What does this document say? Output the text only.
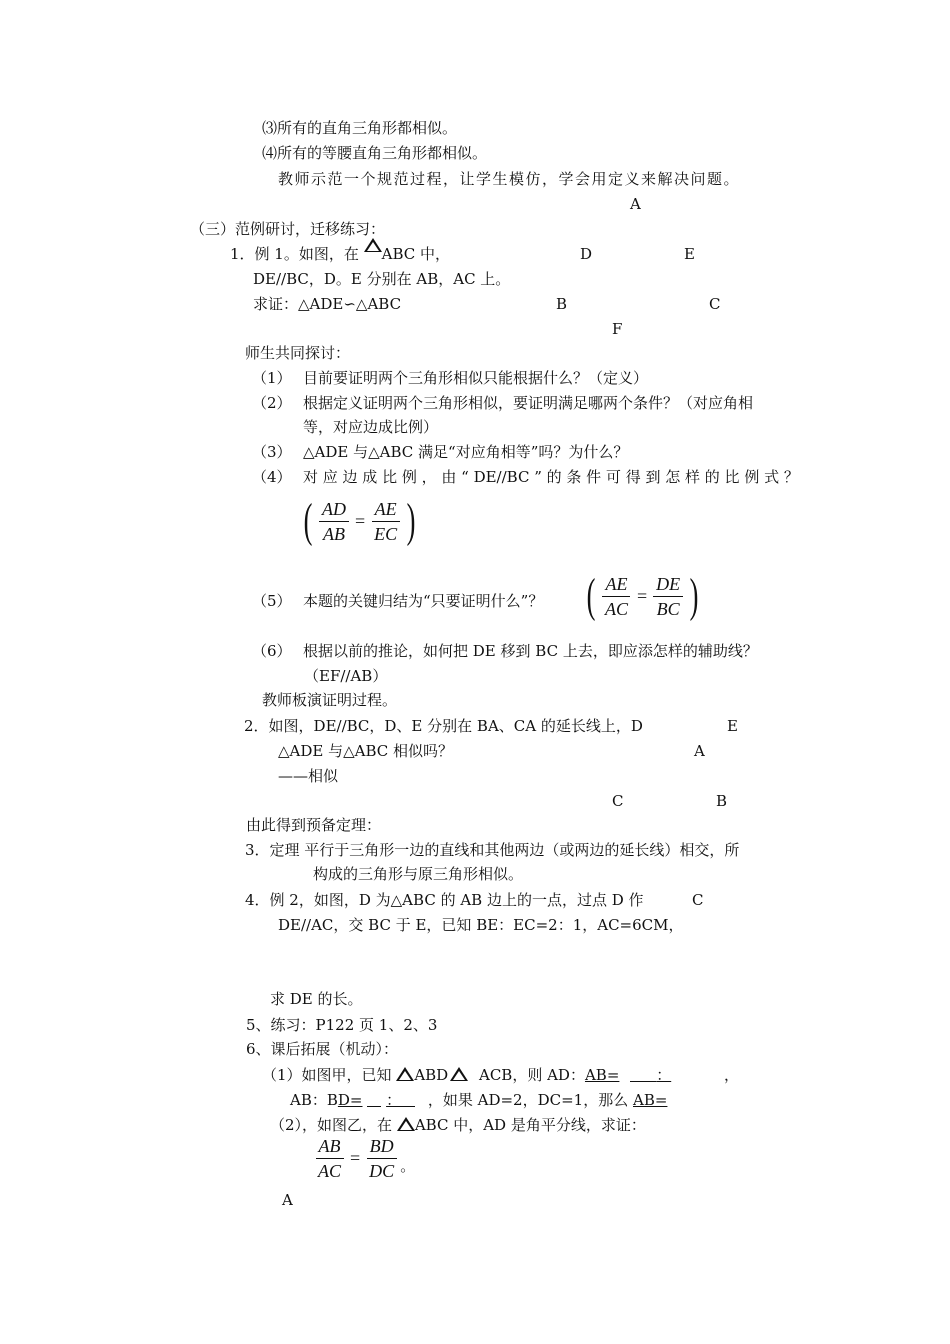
⑶所有的直角三角形都相似。
⑷所有的等腰直角三角形都相似。
教师示范一个规范过程，让学生模仿，学会用定义来解决问题。
A
（三）范例研讨，迁移练习：
1．例 1。如图，在 ABC 中，	D	E
DE//BC，D。E 分别在 AB，AC 上。
求证：△ADE∽△ABC	B	C
F
师生共同探讨：
（1） 目前要证明两个三角形相似只能根据什么？（定义）
（2） 根据定义证明两个三角形相似，要证明满足哪两个条件？（对应角相
等，对应边成比例）
（3） △ADE 与△ABC 满足“对应角相等”吗？为什么？
（4） 对 应 边 成 比 例 ， 由 “ DE//BC ” 的 条 件 可 得 到 怎 样 的 比 例 式 ？
( $\frac{AD}{AB} = \frac{AE}{EC}$ )
（5） 本题的关键归结为“只要证明什么”？ ( $\frac{AE}{AC} = \frac{DE}{BC}$ )
（6） 根据以前的推论，如何把 DE 移到 BC 上去，即应添怎样的辅助线？
（EF//AB）
教师板演证明过程。
2．如图，DE//BC，D、E 分别在 BA、CA 的延长线上，D	E
△ADE 与△ABC 相似吗？	A
——相似
C	B
由此得到预备定理：
3．定理 平行于三角形一边的直线和其他两边（或两边的延长线）相交，所
构成的三角形与原三角形相似。
4．例 2，如图，D 为△ABC 的 AB 边上的一点，过点 D 作	C
DE//AC，交 BC 于 E，已知 BE：EC=2：1，AC=6CM，
求 DE 的长。
5、练习：P122 页 1、2、3
6、课后拓展（机动）：
（1）如图甲，已知 ABD ACB，则 AD：AB= ：	，
AB：BD= ： ，如果 AD=2，DC=1，那么 AB=
（2），如图乙，在 ABC 中，AD 是角平分线，求证：
$\frac{AB}{AC} = \frac{BD}{DC}$ 。
A
